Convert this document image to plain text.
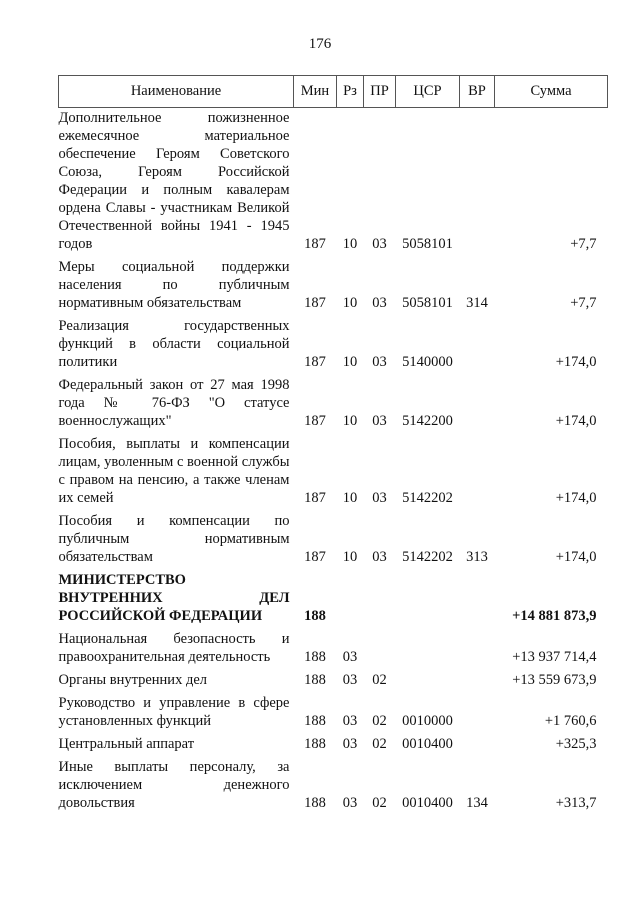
176
Наименование	Мин	Рз	ПР	ЦСР	ВР	Сумма
Дополнительное пожизненное ежемесячное материальное обеспечение Героям Советского Союза, Героям Российской Федерации и полным кавалерам ордена Славы - участникам Великой Отечественной войны 1941 - 1945 годов	187	10	03	5058101		+7,7
Меры социальной поддержки населения по публичным нормативным обязательствам	187	10	03	5058101	314	+7,7
Реализация государственных функций в области социальной политики	187	10	03	5140000		+174,0
Федеральный закон от 27 мая 1998 года № 76-ФЗ "О статусе военнослужащих"	187	10	03	5142200		+174,0
Пособия, выплаты и компенсации лицам, уволенным с военной службы с правом на пенсию, а также членам их семей	187	10	03	5142202		+174,0
Пособия и компенсации по публичным нормативным обязательствам	187	10	03	5142202	313	+174,0
МИНИСТЕРСТВО ВНУТРЕННИХ ДЕЛ РОССИЙСКОЙ ФЕДЕРАЦИИ	188					+14 881 873,9
Национальная безопасность и правоохранительная деятельность	188	03				+13 937 714,4
Органы внутренних дел	188	03	02			+13 559 673,9
Руководство и управление в сфере установленных функций	188	03	02	0010000		+1 760,6
Центральный аппарат	188	03	02	0010400		+325,3
Иные выплаты персоналу, за исключением денежного довольствия	188	03	02	0010400	134	+313,7
